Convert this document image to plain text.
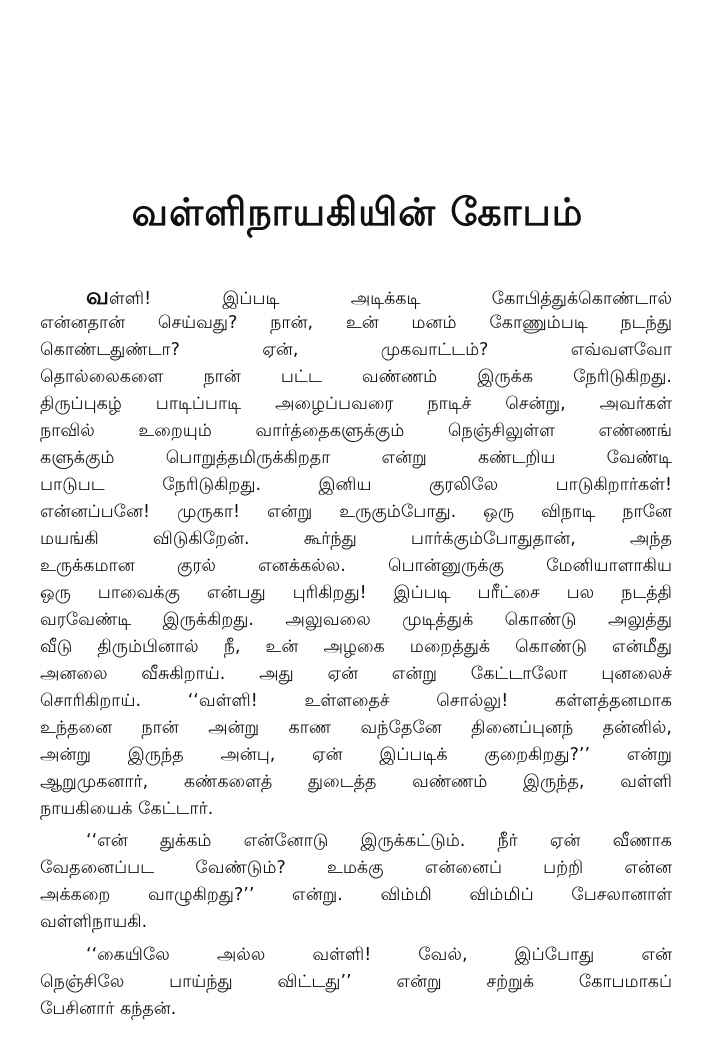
வள்ளிநாயகியின் கோபம்
வள்ளி! இப்படி அடிக்கடி கோபித்துக்கொண்டால்
என்னதான் செய்வது? நான், உன் மனம் கோணும்படி நடந்து
கொண்டதுண்டா? ஏன், முகவாட்டம்? எவ்வளவோ
தொல்லைகளை நான் பட்ட வண்ணம் இருக்க நேரிடுகிறது.
திருப்புகழ் பாடிப்பாடி அழைப்பவரை நாடிச் சென்று, அவர்கள்
நாவில் உறையும் வார்த்தைகளுக்கும் நெஞ்சிலுள்ள எண்ணங்
களுக்கும் பொறுத்தமிருக்கிறதா என்று கண்டறிய வேண்டி
பாடுபட நேரிடுகிறது. இனிய குரலிலே பாடுகிறார்கள்!
என்னப்பனே! முருகா! என்று உருகும்போது. ஒரு விநாடி நானே
மயங்கி விடுகிறேன். கூர்ந்து பார்க்கும்போதுதான், அந்த
உருக்கமான குரல் எனக்கல்ல. பொன்னுருக்கு மேனியாளாகிய
ஒரு பாவைக்கு என்பது புரிகிறது! இப்படி பரீட்சை பல நடத்தி
வரவேண்டி இருக்கிறது. அலுவலை முடித்துக் கொண்டு அலுத்து
வீடு திரும்பினால் நீ, உன் அழகை மறைத்துக் கொண்டு என்மீது
அனலை வீசுகிறாய். அது ஏன் என்று கேட்டாலோ புனலைச்
சொரிகிறாய். ‘‘வள்ளி! உள்ளதைச் சொல்லு! கள்ளத்தனமாக
உந்தனை நான் அன்று காண வந்தேனே தினைப்புனந் தன்னில்,
அன்று இருந்த அன்பு, ஏன் இப்படிக் குறைகிறது?’’ என்று
ஆறுமுகனார், கண்களைத் துடைத்த வண்ணம் இருந்த, வள்ளி
நாயகியைக் கேட்டார்.
‘‘என் துக்கம் என்னோடு இருக்கட்டும். நீர் ஏன் வீணாக
வேதனைப்பட வேண்டும்? உமக்கு என்னைப் பற்றி என்ன
அக்கறை வாழுகிறது?’’ என்று. விம்மி விம்மிப் பேசலானாள்
வள்ளிநாயகி.
‘‘கையிலே அல்ல வள்ளி! வேல், இப்போது என்
நெஞ்சிலே பாய்ந்து விட்டது’’ என்று சற்றுக் கோபமாகப்
பேசினார் கந்தன்.
